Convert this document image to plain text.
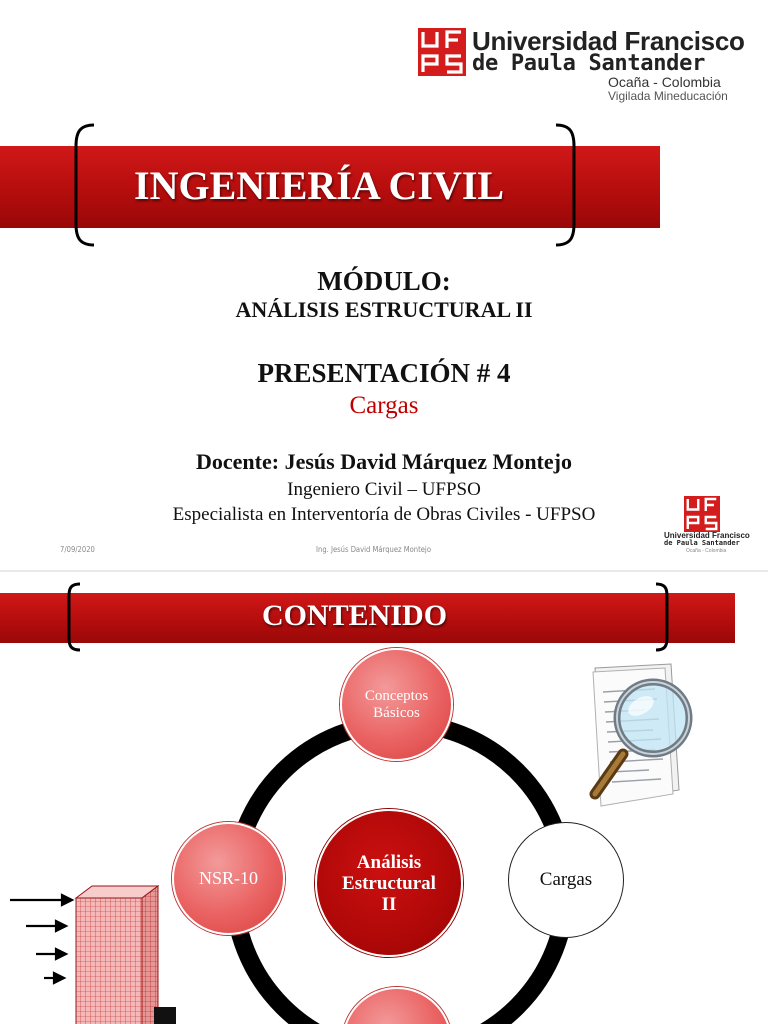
Universidad Francisco
de Paula Santander
Ocaña - Colombia
Vigilada Mineducación
INGENIERÍA CIVIL
MÓDULO:
ANÁLISIS ESTRUCTURAL II
PRESENTACIÓN # 4
Cargas
Docente: Jesús David Márquez Montejo
Ingeniero Civil – UFPSO
Especialista en Interventoría de Obras Civiles - UFPSO
7/09/2020	Ing. Jesús David Márquez Montejo
Universidad Francisco
de Paula Santander
Ocaña - Colombia
CONTENIDO
Conceptos
Básicos
NSR-10	Cargas
Análisis
Estructural
II
